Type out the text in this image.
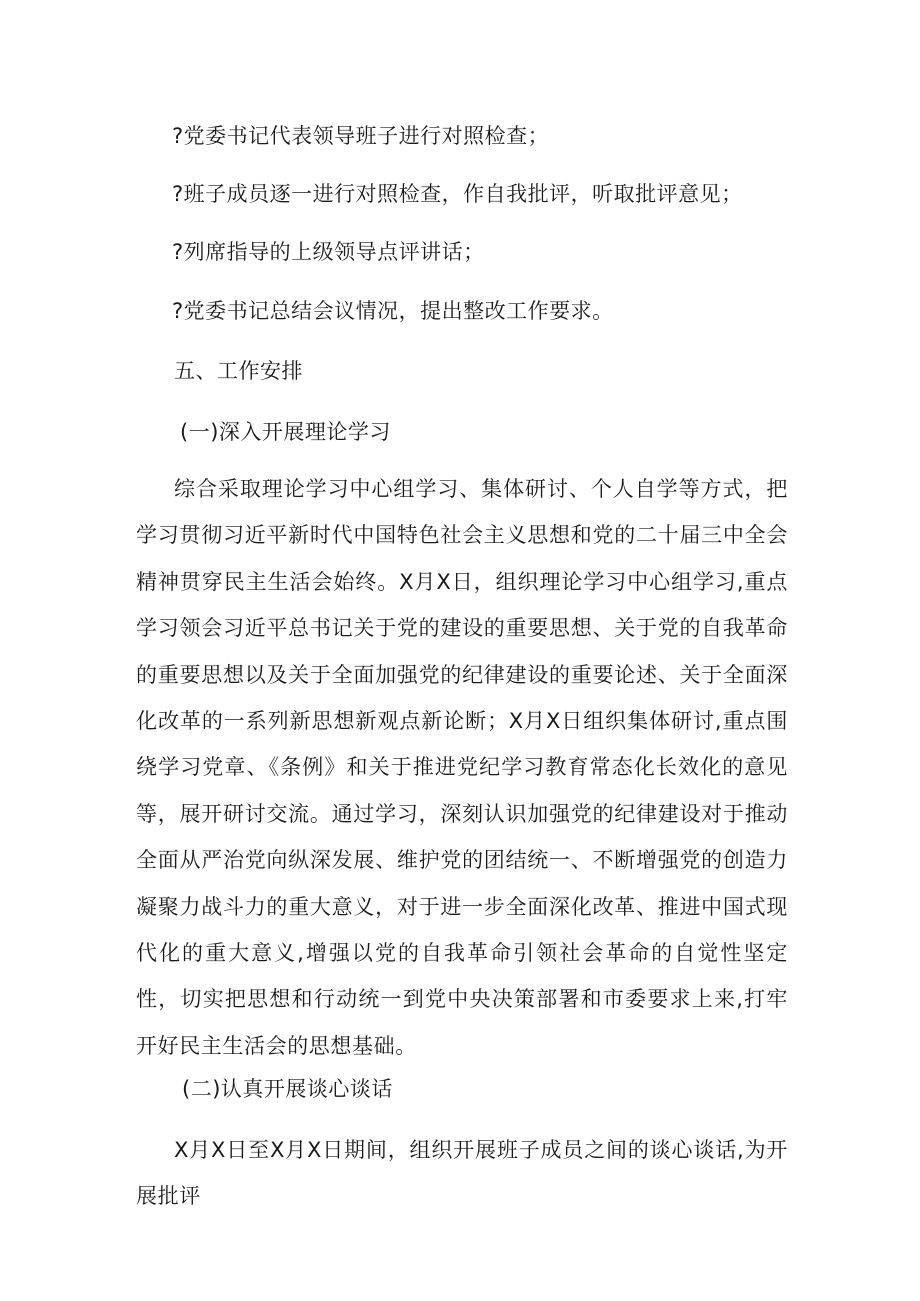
?党委书记代表领导班子进行对照检查；
?班子成员逐一进行对照检查，作自我批评，听取批评意见；
?列席指导的上级领导点评讲话；
?党委书记总结会议情况，提出整改工作要求。
五、工作安排
(一)深入开展理论学习
综合采取理论学习中心组学习、集体研讨、个人自学等方式，把学习贯彻习近平新时代中国特色社会主义思想和党的二十届三中全会精神贯穿民主生活会始终。X月X日，组织理论学习中心组学习,重点学习领会习近平总书记关于党的建设的重要思想、关于党的自我革命的重要思想以及关于全面加强党的纪律建设的重要论述、关于全面深化改革的一系列新思想新观点新论断；X月X日组织集体研讨,重点围绕学习党章、《条例》和关于推进党纪学习教育常态化长效化的意见等，展开研讨交流。通过学习，深刻认识加强党的纪律建设对于推动全面从严治党向纵深发展、维护党的团结统一、不断增强党的创造力凝聚力战斗力的重大意义，对于进一步全面深化改革、推进中国式现代化的重大意义,增强以党的自我革命引领社会革命的自觉性坚定性，切实把思想和行动统一到党中央决策部署和市委要求上来,打牢开好民主生活会的思想基础。
(二)认真开展谈心谈话
X月X日至X月X日期间，组织开展班子成员之间的谈心谈话,为开展批评
